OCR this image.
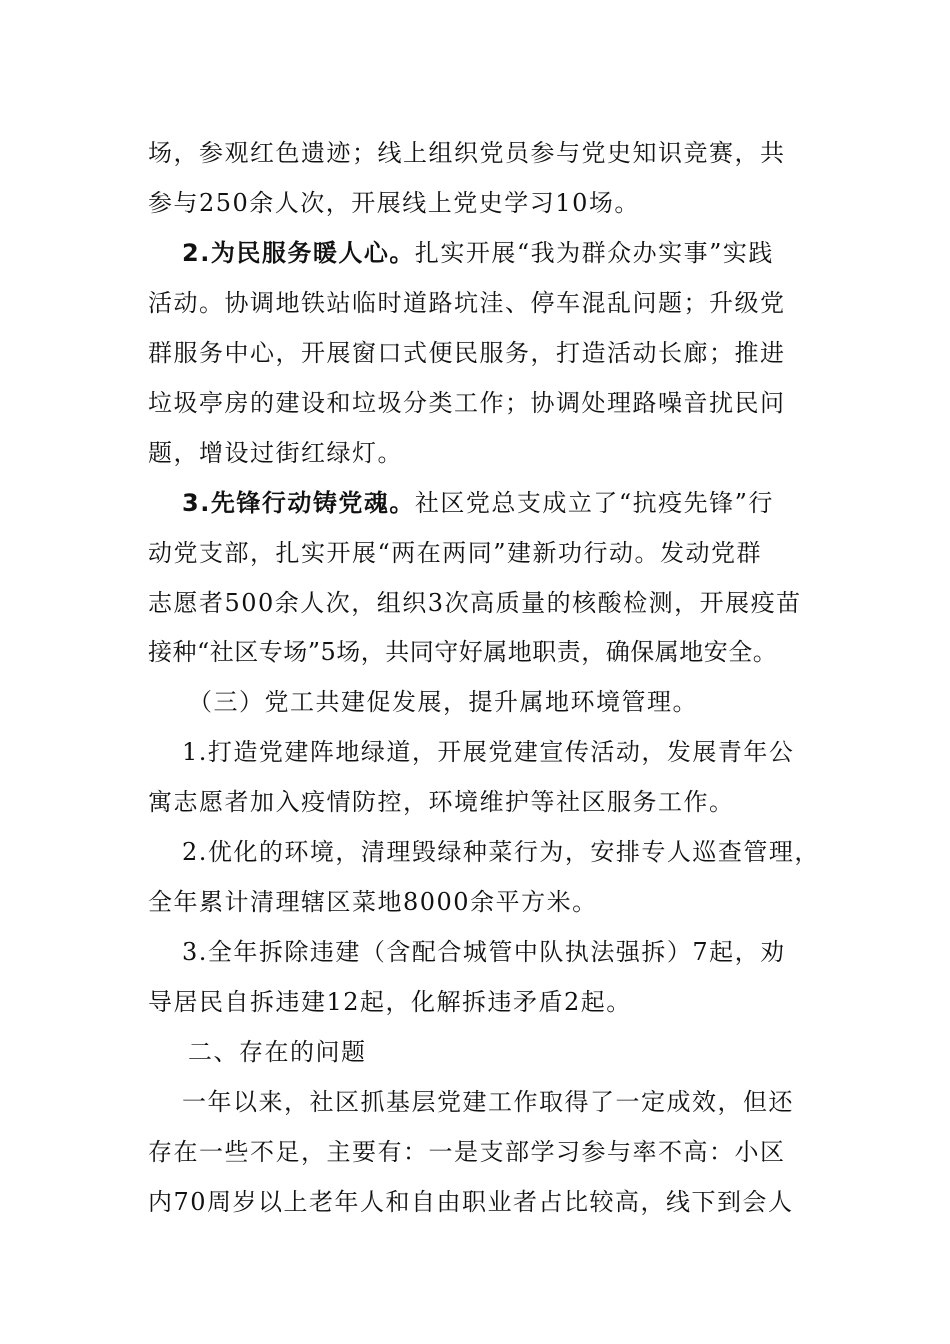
场，参观红色遗迹；线上组织党员参与党史知识竞赛，共
参与250余人次，开展线上党史学习10场。
2.为民服务暖人心。扎实开展“我为群众办实事”实践
活动。协调地铁站临时道路坑洼、停车混乱问题；升级党
群服务中心，开展窗口式便民服务，打造活动长廊；推进
垃圾亭房的建设和垃圾分类工作；协调处理路噪音扰民问
题，增设过街红绿灯。
3.先锋行动铸党魂。社区党总支成立了“抗疫先锋”行
动党支部，扎实开展“两在两同”建新功行动。发动党群
志愿者500余人次，组织3次高质量的核酸检测，开展疫苗
接种“社区专场”5场，共同守好属地职责，确保属地安全。
（三）党工共建促发展，提升属地环境管理。
1.打造党建阵地绿道，开展党建宣传活动，发展青年公
寓志愿者加入疫情防控，环境维护等社区服务工作。
2.优化的环境，清理毁绿种菜行为，安排专人巡查管理，
全年累计清理辖区菜地8000余平方米。
3.全年拆除违建（含配合城管中队执法强拆）7起，劝
导居民自拆违建12起，化解拆违矛盾2起。
二、存在的问题
一年以来，社区抓基层党建工作取得了一定成效，但还
存在一些不足，主要有：一是支部学习参与率不高：小区
内70周岁以上老年人和自由职业者占比较高，线下到会人
